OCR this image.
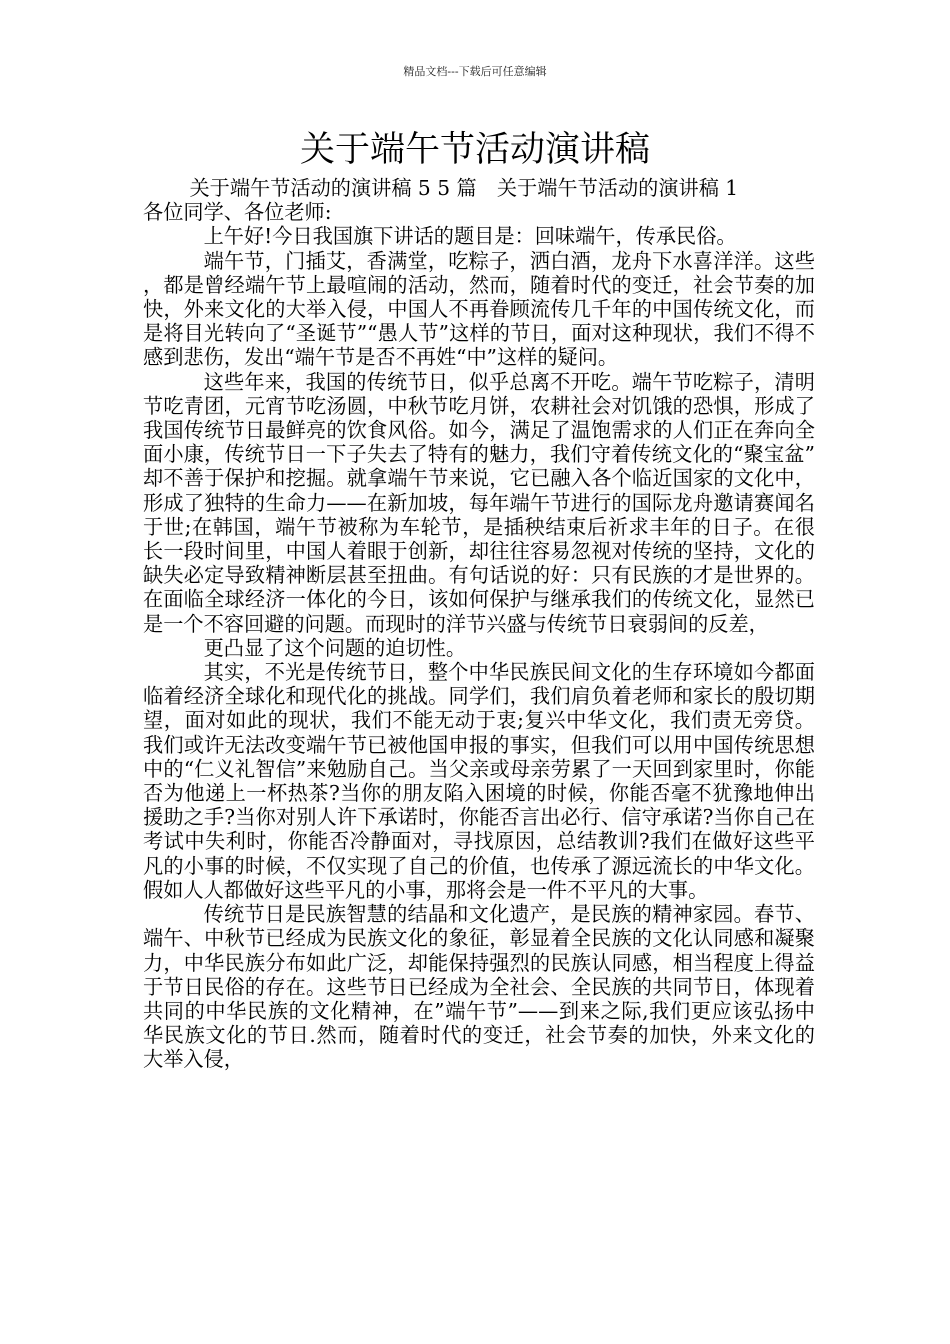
精品文档---下载后可任意编辑
关于端午节活动演讲稿

关于端午节活动的演讲稿 5 5 篇　关于端午节活动的演讲稿 1

各位同学、各位老师:

上午好!今日我国旗下讲话的题目是：回味端午，传承民俗。

端午节，门插艾，香满堂，吃粽子，洒白酒，龙舟下水喜洋洋。这些，都是曾经端午节上最喧闹的活动，然而，随着时代的变迁，社会节奏的加快，外来文化的大举入侵，中国人不再眷顾流传几千年的中国传统文化，而是将目光转向了“圣诞节”“愚人节”这样的节日，面对这种现状，我们不得不感到悲伤，发出“端午节是否不再姓“中”这样的疑问。

这些年来，我国的传统节日，似乎总离不开吃。端午节吃粽子，清明节吃青团，元宵节吃汤圆，中秋节吃月饼，农耕社会对饥饿的恐惧，形成了我国传统节日最鲜亮的饮食风俗。如今，满足了温饱需求的人们正在奔向全面小康，传统节日一下子失去了特有的魅力，我们守着传统文化的“聚宝盆”却不善于保护和挖掘。就拿端午节来说，它已融入各个临近国家的文化中，形成了独特的生命力——在新加坡，每年端午节进行的国际龙舟邀请赛闻名于世;在韩国，端午节被称为车轮节，是插秧结束后祈求丰年的日子。在很长一段时间里，中国人着眼于创新，却往往容易忽视对传统的坚持，文化的缺失必定导致精神断层甚至扭曲。有句话说的好：只有民族的才是世界的。在面临全球经济一体化的今日，该如何保护与继承我们的传统文化，显然已是一个不容回避的问题。而现时的洋节兴盛与传统节日衰弱间的反差，

更凸显了这个问题的迫切性。

其实，不光是传统节日，整个中华民族民间文化的生存环境如今都面临着经济全球化和现代化的挑战。同学们，我们肩负着老师和家长的殷切期望，面对如此的现状，我们不能无动于衷;复兴中华文化，我们责无旁贷。我们或许无法改变端午节已被他国申报的事实，但我们可以用中国传统思想中的“仁义礼智信”来勉励自己。当父亲或母亲劳累了一天回到家里时，你能否为他递上一杯热茶?当你的朋友陷入困境的时候，你能否毫不犹豫地伸出援助之手?当你对别人许下承诺时，你能否言出必行、信守承诺?当你自己在考试中失利时，你能否冷静面对，寻找原因，总结教训?我们在做好这些平凡的小事的时候，不仅实现了自己的价值，也传承了源远流长的中华文化。假如人人都做好这些平凡的小事，那将会是一件不平凡的大事。

传统节日是民族智慧的结晶和文化遗产，是民族的精神家园。春节、端午、中秋节已经成为民族文化的象征，彰显着全民族的文化认同感和凝聚力，中华民族分布如此广泛，却能保持强烈的民族认同感，相当程度上得益于节日民俗的存在。这些节日已经成为全社会、全民族的共同节日，体现着共同的中华民族的文化精神，在”端午节”——到来之际,我们更应该弘扬中华民族文化的节日.然而，随着时代的变迁，社会节奏的加快，外来文化的大举入侵，
